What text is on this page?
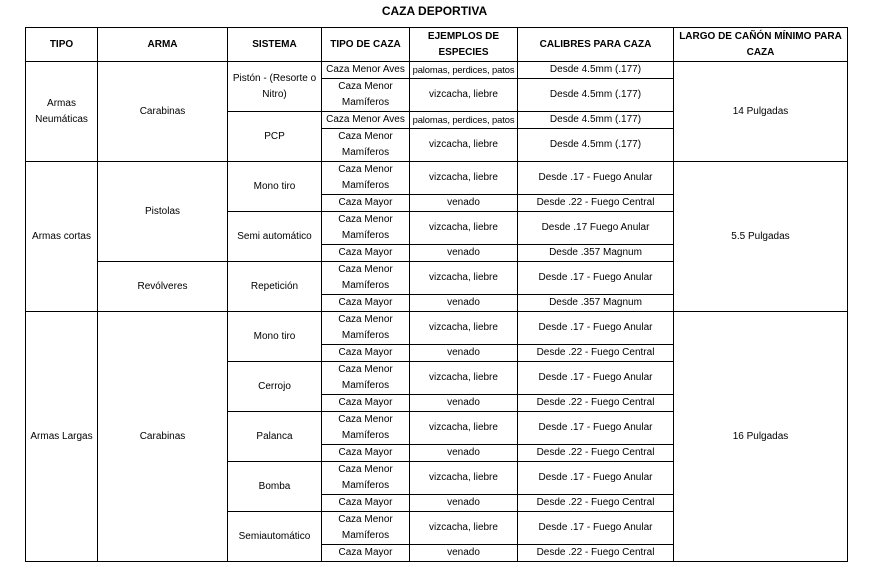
CAZA DEPORTIVA
TIPO	ARMA	SISTEMA	TIPO DE CAZA	EJEMPLOS DE ESPECIES	CALIBRES PARA CAZA	LARGO DE CAÑÓN MÍNIMO PARA CAZA
Armas Neumáticas	Carabinas	Pistón - (Resorte o Nitro)	Caza Menor Aves	palomas, perdices, patos	Desde 4.5mm (.177)	14 Pulgadas
			Caza Menor Mamíferos	vizcacha, liebre	Desde 4.5mm (.177)	
		PCP	Caza Menor Aves	palomas, perdices, patos	Desde 4.5mm (.177)	
			Caza Menor Mamíferos	vizcacha, liebre	Desde 4.5mm (.177)	
Armas cortas	Pistolas	Mono tiro	Caza Menor Mamíferos	vizcacha, liebre	Desde .17 - Fuego Anular	5.5 Pulgadas
			Caza Mayor	venado	Desde .22 - Fuego Central	
		Semi automático	Caza Menor Mamíferos	vizcacha, liebre	Desde .17 Fuego Anular	
			Caza Mayor	venado	Desde .357 Magnum	
	Revólveres	Repetición	Caza Menor Mamíferos	vizcacha, liebre	Desde .17 - Fuego Anular	
			Caza Mayor	venado	Desde .357 Magnum	
Armas Largas	Carabinas	Mono tiro	Caza Menor Mamíferos	vizcacha, liebre	Desde .17 - Fuego Anular	16 Pulgadas
			Caza Mayor	venado	Desde .22 - Fuego Central	
		Cerrojo	Caza Menor Mamíferos	vizcacha, liebre	Desde .17 - Fuego Anular	
			Caza Mayor	venado	Desde .22 - Fuego Central	
		Palanca	Caza Menor Mamíferos	vizcacha, liebre	Desde .17 - Fuego Anular	
			Caza Mayor	venado	Desde .22 - Fuego Central	
		Bomba	Caza Menor Mamíferos	vizcacha, liebre	Desde .17 - Fuego Anular	
			Caza Mayor	venado	Desde .22 - Fuego Central	
		Semiautomático	Caza Menor Mamíferos	vizcacha, liebre	Desde .17 - Fuego Anular	
			Caza Mayor	venado	Desde .22 - Fuego Central	
